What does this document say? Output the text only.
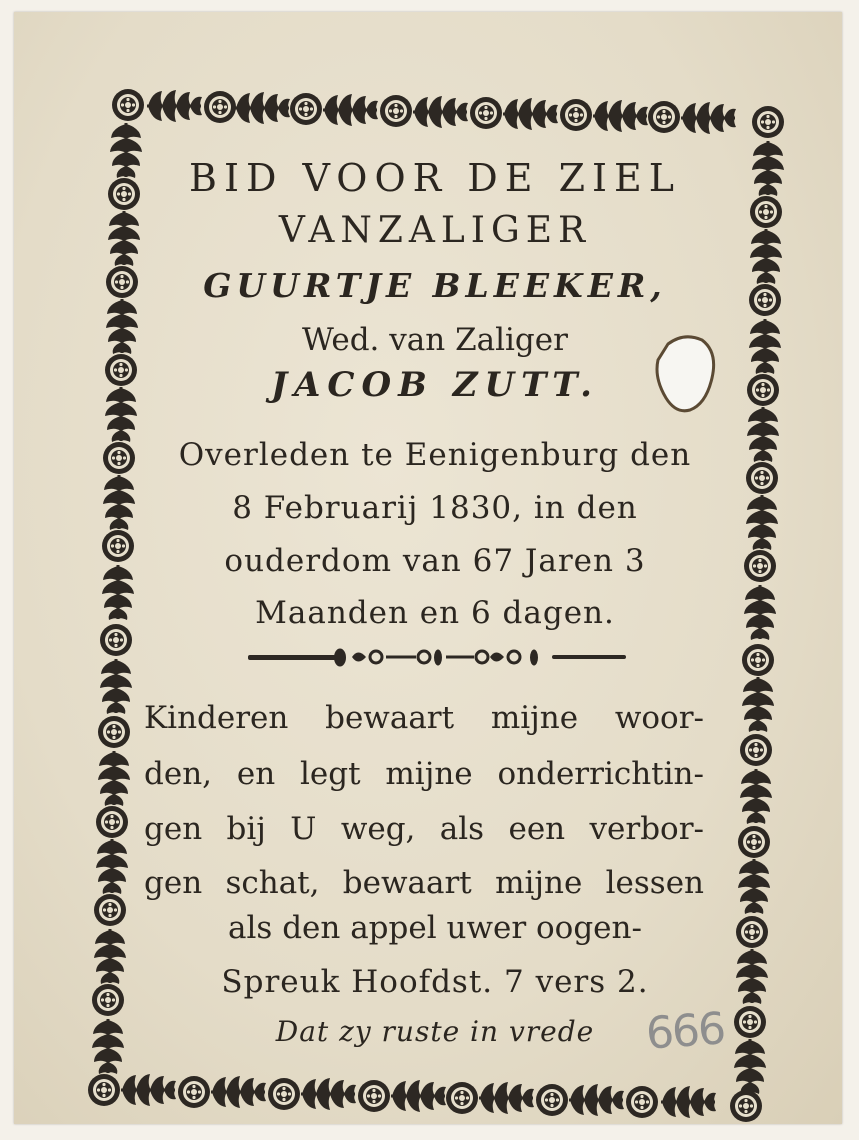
BID VOOR DE ZIEL

VANZALIGER

GUURTJE BLEEKER,

Wed. van Zaliger

JACOB ZUTT.

Overleden te Eenigenburg den

8 Februarij 1830, in den

ouderdom van 67 Jaren 3

Maanden en 6 dagen.

Kinderen bewaart mijne woor-

den, en legt mijne onderrichtin-

gen bij U weg, als een verbor-

gen schat, bewaart mijne lessen

als den appel uwer oogen-

Spreuk Hoofdst. 7 vers 2.

Dat zy ruste in vrede	666
